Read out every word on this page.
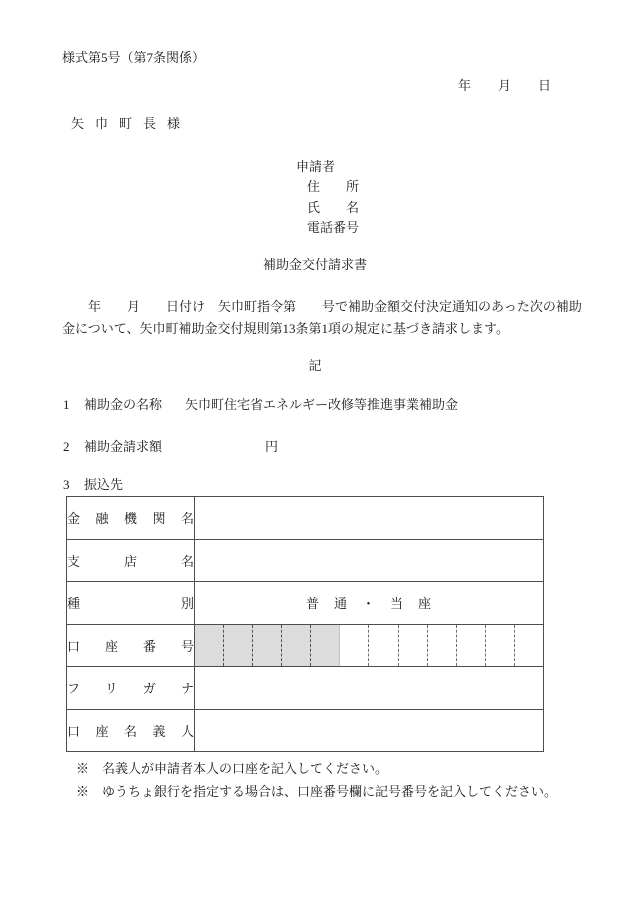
様式第5号（第7条関係）
年 月 日
矢巾町長様
申請者
住　　所
氏　　名
電話番号
補助金交付請求書
　　年　　月　　日付け　矢巾町指令第　　号で補助金額交付決定通知のあった次の補助
金について、矢巾町補助金交付規則第13条第1項の規定に基づき請求します。
記
1 補助金の名称 矢巾町住宅省エネルギー改修等推進事業補助金
2 補助金請求額	円
3 振込先
金融機関名	
支店名	
種別	普　通　・　当　座
口座番号	

フリガナ	
口座名義人	
※　名義人が申請者本人の口座を記入してください。
※　ゆうちょ銀行を指定する場合は、口座番号欄に記号番号を記入してください。
